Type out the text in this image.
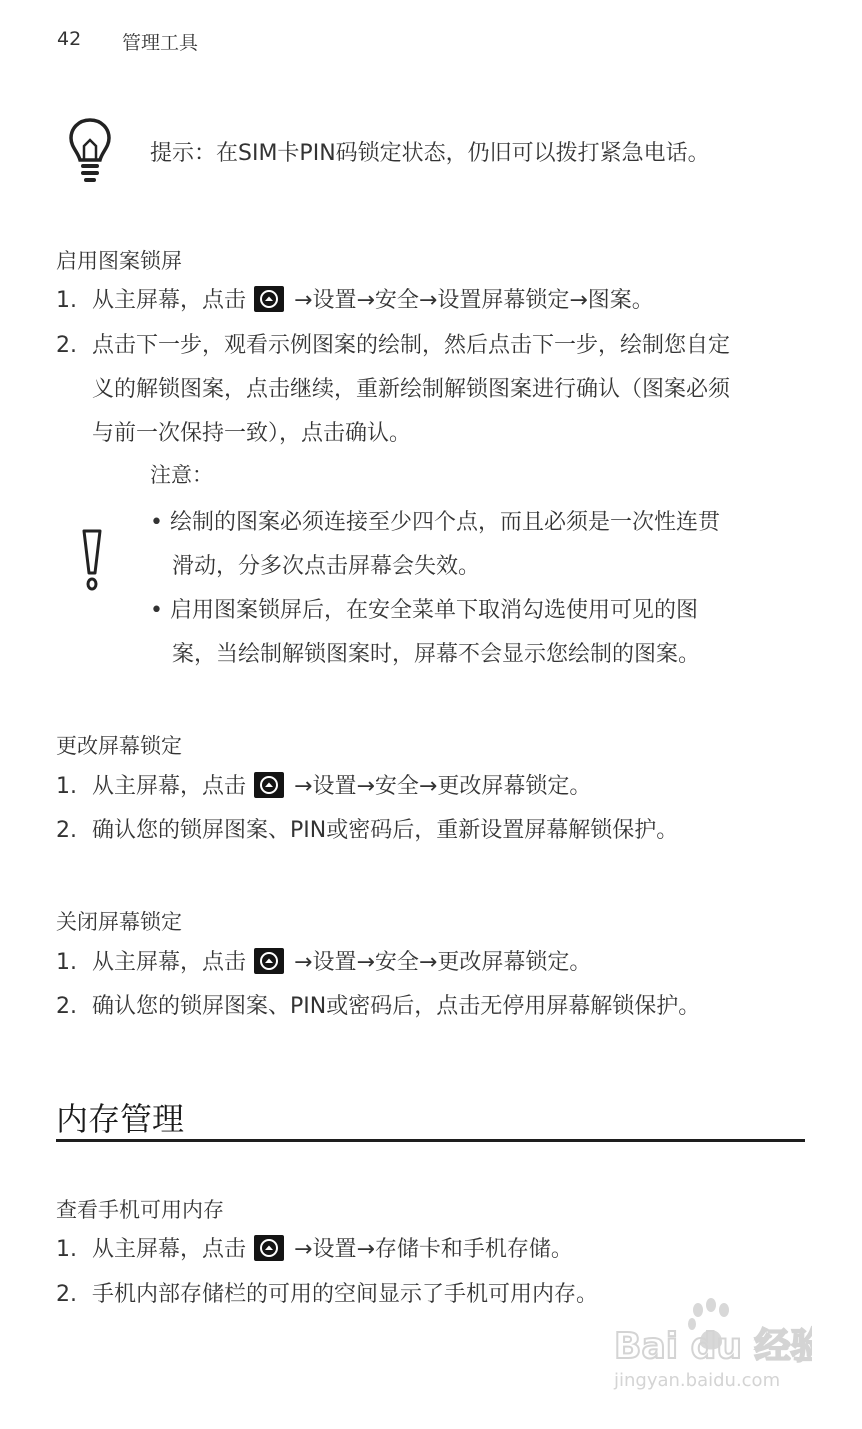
42 管理工具
提示：在SIM卡PIN码锁定状态，仍旧可以拨打紧急电话。
启用图案锁屏
1. 从主屏幕，点击 →设置→安全→设置屏幕锁定→图案。
2. 点击下一步，观看示例图案的绘制，然后点击下一步，绘制您自定
义的解锁图案，点击继续，重新绘制解锁图案进行确认（图案必须
与前一次保持一致），点击确认。
注意：
• 绘制的图案必须连接至少四个点，而且必须是一次性连贯
滑动，分多次点击屏幕会失效。
• 启用图案锁屏后，在安全菜单下取消勾选使用可见的图
案，当绘制解锁图案时，屏幕不会显示您绘制的图案。
更改屏幕锁定
1. 从主屏幕，点击 →设置→安全→更改屏幕锁定。
2. 确认您的锁屏图案、PIN或密码后，重新设置屏幕解锁保护。
关闭屏幕锁定
1. 从主屏幕，点击 →设置→安全→更改屏幕锁定。
2. 确认您的锁屏图案、PIN或密码后，点击无停用屏幕解锁保护。
内存管理
查看手机可用内存
1. 从主屏幕，点击 →设置→存储卡和手机存储。
2. 手机内部存储栏的可用的空间显示了手机可用内存。
Bai du 经验
jingyan.baidu.com
